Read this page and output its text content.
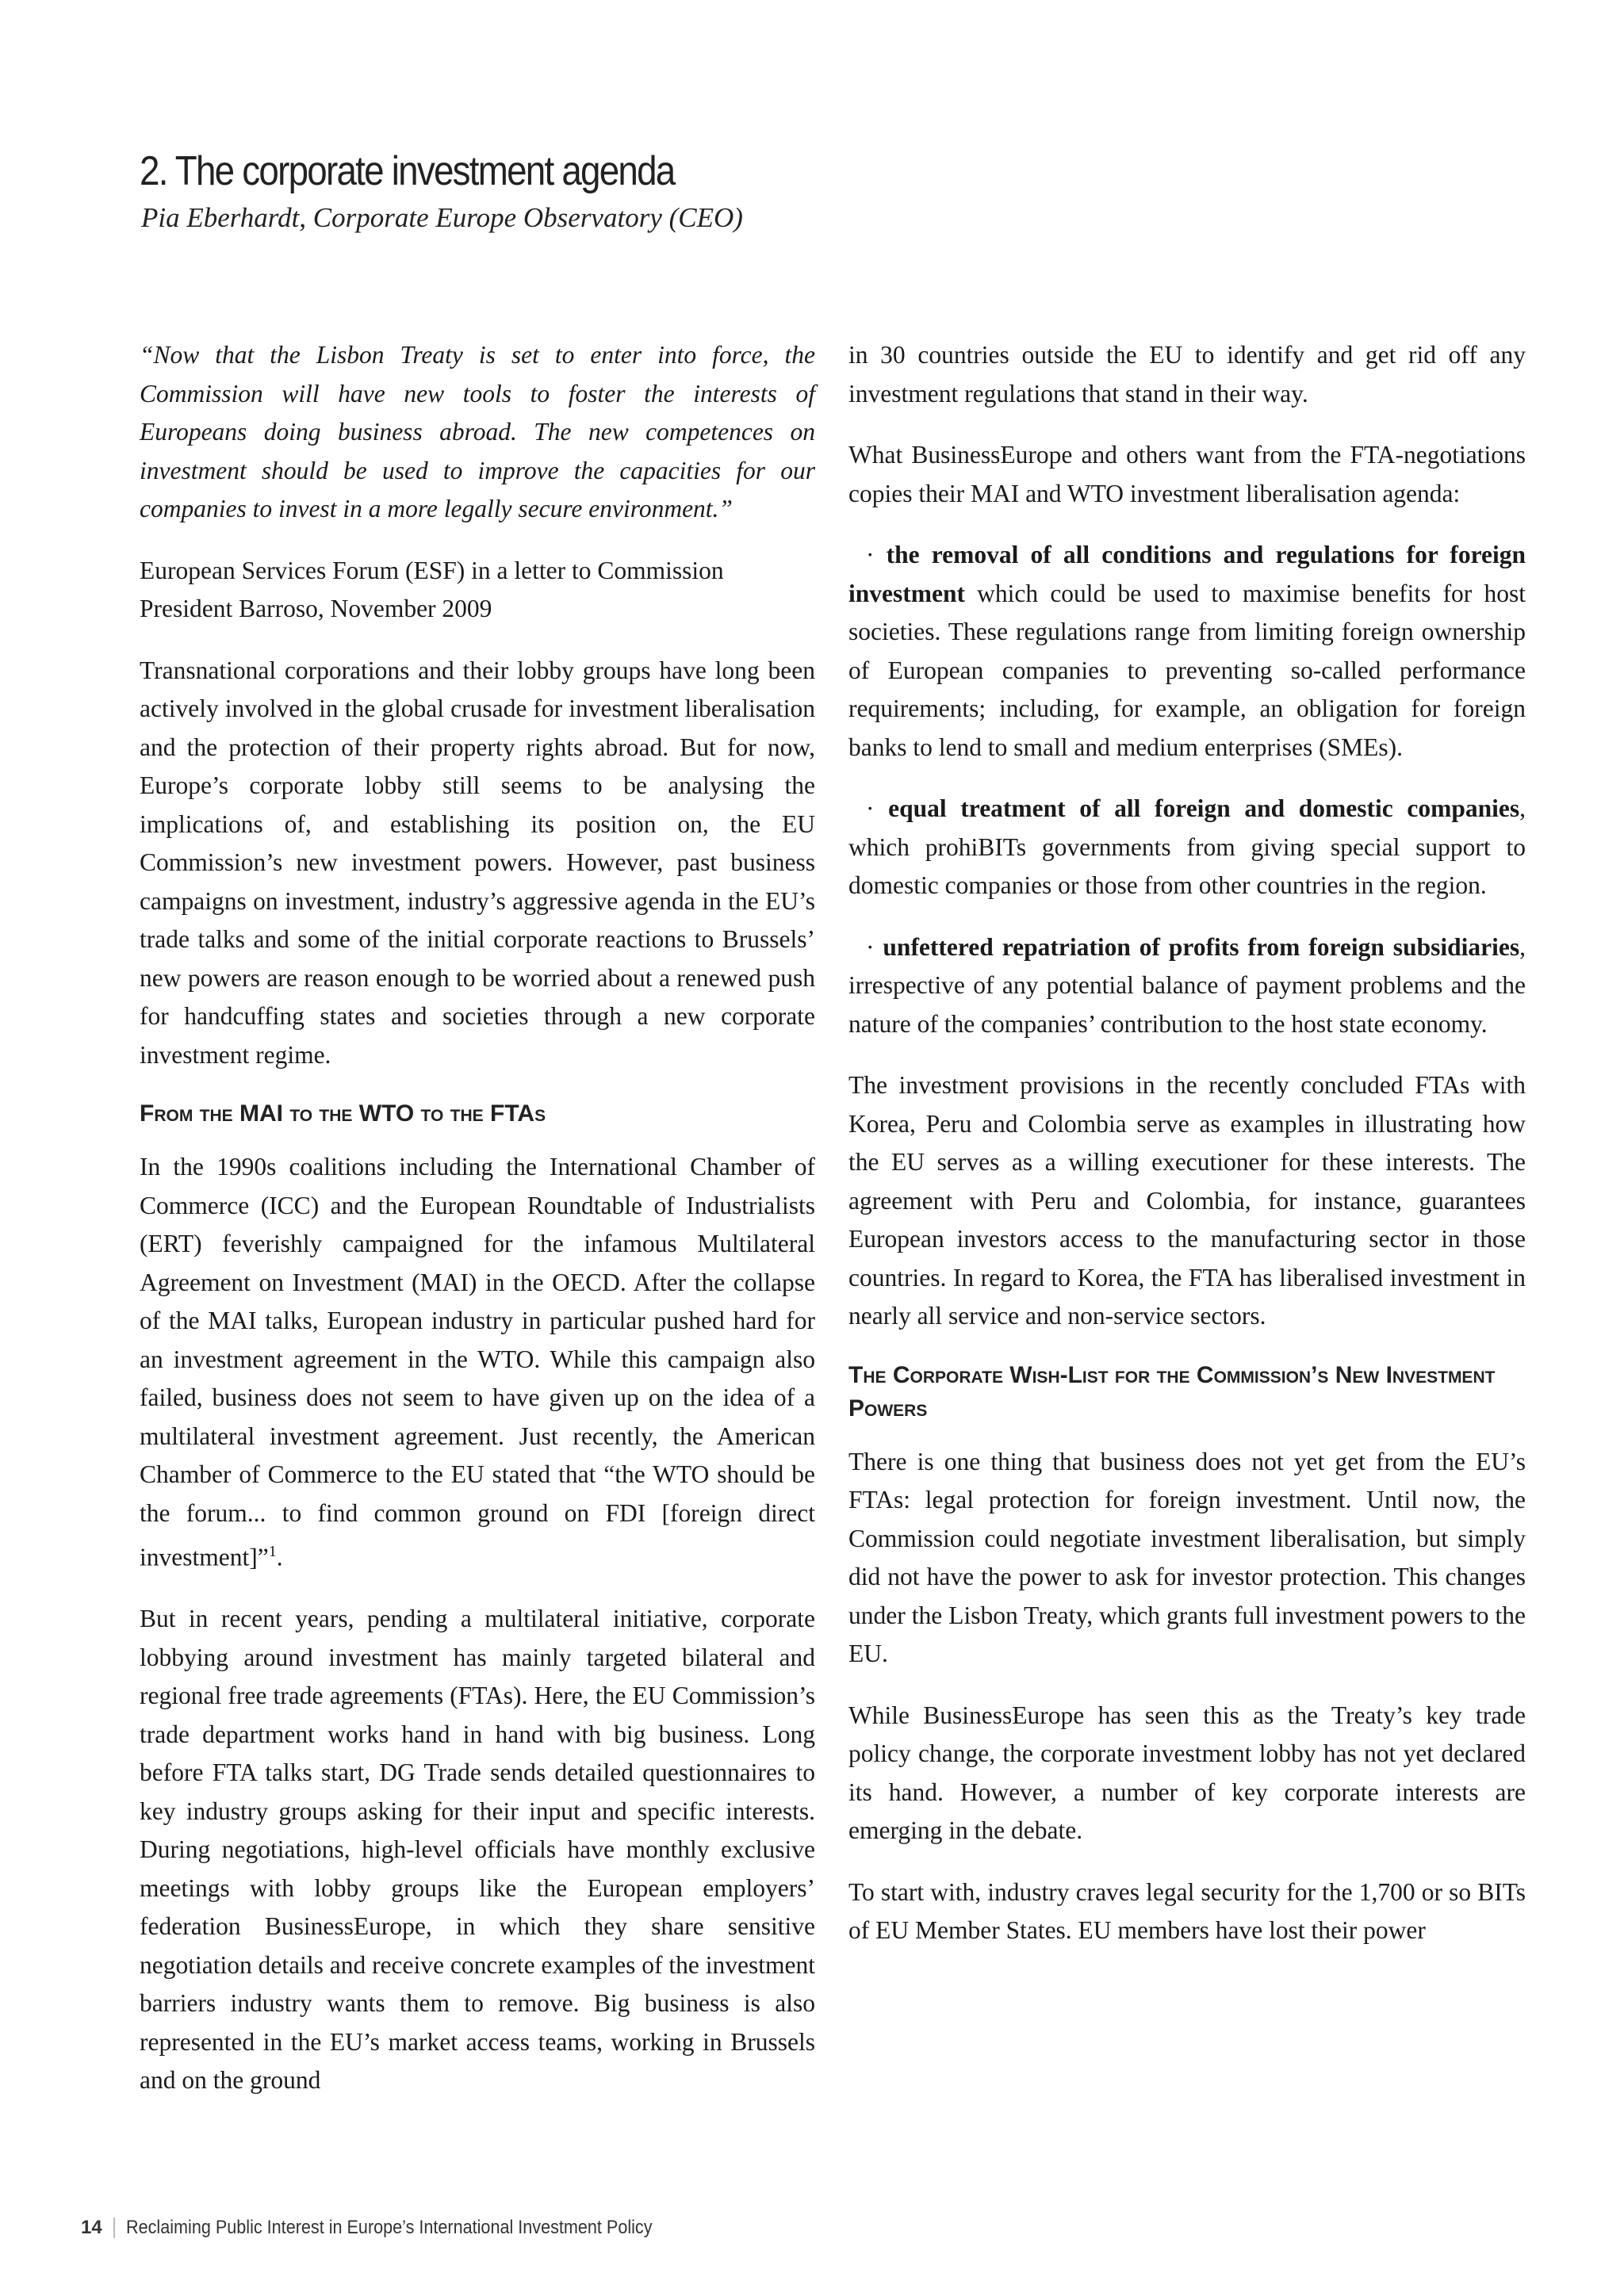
2. The corporate investment agenda

Pia Eberhardt, Corporate Europe Observatory (CEO)

“Now that the Lisbon Treaty is set to enter into force, the Commission will have new tools to foster the interests of Europeans doing business abroad. The new competences on investment should be used to improve the capacities for our companies to invest in a more legally secure environment.”

European Services Forum (ESF) in a letter to Commission President Barroso, November 2009

Transnational corporations and their lobby groups have long been actively involved in the global crusade for investment liberalisation and the protection of their property rights abroad. But for now, Europe’s corporate lobby still seems to be analysing the implications of, and establishing its position on, the EU Commission’s new investment powers. However, past business campaigns on investment, industry’s aggressive agenda in the EU’s trade talks and some of the initial corporate reactions to Brussels’ new powers are reason enough to be worried about a renewed push for handcuffing states and societies through a new corporate investment regime.

From the MAI to the WTO to the FTAs

In the 1990s coalitions including the International Chamber of Commerce (ICC) and the European Roundtable of Industrialists (ERT) feverishly campaigned for the infamous Multilateral Agreement on Investment (MAI) in the OECD. After the collapse of the MAI talks, European industry in particular pushed hard for an investment agreement in the WTO. While this campaign also failed, business does not seem to have given up on the idea of a multilateral investment agreement. Just recently, the American Chamber of Commerce to the EU stated that “the WTO should be the forum... to find common ground on FDI [foreign direct investment]”$^1$.

But in recent years, pending a multilateral initiative, corporate lobbying around investment has mainly targeted bilateral and regional free trade agreements (FTAs). Here, the EU Commission’s trade department works hand in hand with big business. Long before FTA talks start, DG Trade sends detailed questionnaires to key industry groups asking for their input and specific interests. During negotiations, high-level officials have monthly exclusive meetings with lobby groups like the European employers’ federation BusinessEurope, in which they share sensitive negotiation details and receive concrete examples of the investment barriers industry wants them to remove. Big business is also represented in the EU’s market access teams, working in Brussels and on the ground

in 30 countries outside the EU to identify and get rid off any investment regulations that stand in their way.

What BusinessEurope and others want from the FTA-negotiations copies their MAI and WTO investment liberalisation agenda:

· the removal of all conditions and regulations for foreign investment which could be used to maximise benefits for host societies. These regulations range from limiting foreign ownership of European companies to preventing so-called performance requirements; including, for example, an obligation for foreign banks to lend to small and medium enterprises (SMEs).

· equal treatment of all foreign and domestic companies, which prohiBITs governments from giving special support to domestic companies or those from other countries in the region.

· unfettered repatriation of profits from foreign subsidiaries, irrespective of any potential balance of payment problems and the nature of the companies’ contribution to the host state economy.

The investment provisions in the recently concluded FTAs with Korea, Peru and Colombia serve as examples in illustrating how the EU serves as a willing executioner for these interests. The agreement with Peru and Colombia, for instance, guarantees European investors access to the manufacturing sector in those countries. In regard to Korea, the FTA has liberalised investment in nearly all service and non-service sectors.

The Corporate Wish-List for the Commission’s New Investment Powers

There is one thing that business does not yet get from the EU’s FTAs: legal protection for foreign investment. Until now, the Commission could negotiate investment liberalisation, but simply did not have the power to ask for investor protection. This changes under the Lisbon Treaty, which grants full investment powers to the EU.

While BusinessEurope has seen this as the Treaty’s key trade policy change, the corporate investment lobby has not yet declared its hand. However, a number of key corporate interests are emerging in the debate.

To start with, industry craves legal security for the 1,700 or so BITs of EU Member States. EU members have lost their power

14 Reclaiming Public Interest in Europe’s International Investment Policy
